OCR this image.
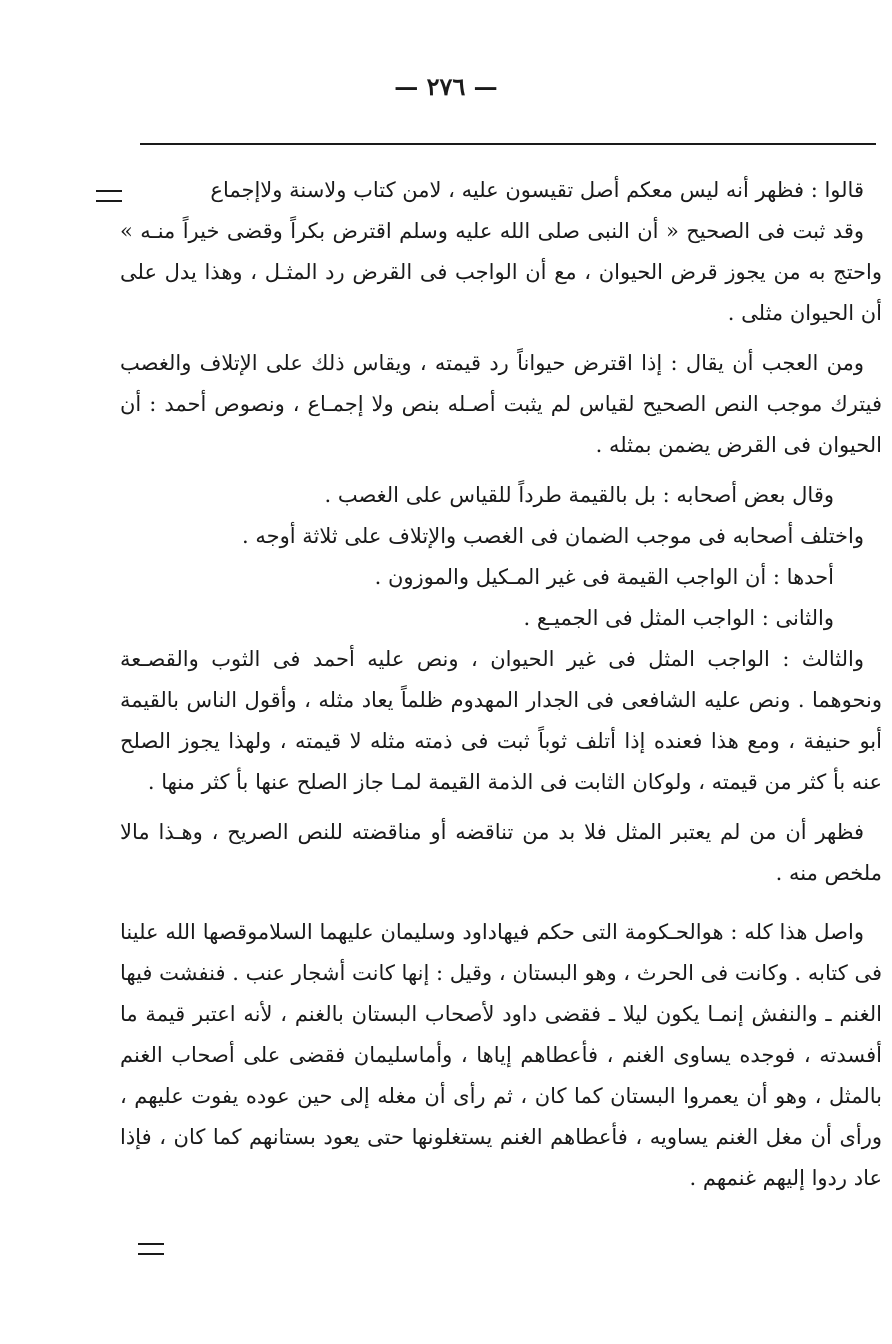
— ٢٧٦ —

قالوا : فظهر أنه ليس معكم أصل تقيسون عليه ، لامن كتاب ولاسنة ولاإجماع

وقد ثبت فى الصحيح « أن النبى صلى الله عليه وسلم اقترض بكراً وقضى خيراً منـه » واحتج به من يجوز قرض الحيوان ، مع أن الواجب فى القرض رد المثـل ، وهذا يدل على أن الحيوان مثلى .

ومن العجب أن يقال : إذا اقترض حيواناً رد قيمته ، ويقاس ذلك على الإتلاف والغصب فيترك موجب النص الصحيح لقياس لم يثبت أصـله بنص ولا إجمـاع ، ونصوص أحمد : أن الحيوان فى القرض يضمن بمثله .

وقال بعض أصحابه : بل بالقيمة طرداً للقياس على الغصب .

واختلف أصحابه فى موجب الضمان فى الغصب والإتلاف على ثلاثة أوجه .

أحدها : أن الواجب القيمة فى غير المـكيل والموزون .

والثانى : الواجب المثل فى الجميـع .

والثالث : الواجب المثل فى غير الحيوان ، ونص عليه أحمد فى الثوب والقصـعة ونحوهما . ونص عليه الشافعى فى الجدار المهدوم ظلماً يعاد مثله ، وأقول الناس بالقيمة أبو حنيفة ، ومع هذا فعنده إذا أتلف ثوباً ثبت فى ذمته مثله لا قيمته ، ولهذا يجوز الصلح عنه بأ كثر من قيمته ، ولوكان الثابت فى الذمة القيمة لمـا جاز الصلح عنها بأ كثر منها .

فظهر أن من لم يعتبر المثل فلا بد من تناقضه أو مناقضته للنص الصريح ، وهـذا مالا ملخص منه .

واصل هذا كله : هوالحـكومة التى حكم فيهاداود وسليمان عليهما السلاموقصها الله علينا فى كتابه . وكانت فى الحرث ، وهو البستان ، وقيل : إنها كانت أشجار عنب . فنفشت فيها الغنم ـ والنفش إنمـا يكون ليلا ـ فقضى داود لأصحاب البستان بالغنم ، لأنه اعتبر قيمة ما أفسدته ، فوجده يساوى الغنم ، فأعطاهم إياها ، وأماسليمان فقضى على أصحاب الغنم بالمثل ، وهو أن يعمروا البستان كما كان ، ثم رأى أن مغله إلى حين عوده يفوت عليهم ، ورأى أن مغل الغنم يساويه ، فأعطاهم الغنم يستغلونها حتى يعود بستانهم كما كان ، فإذا عاد ردوا إليهم غنمهم .
